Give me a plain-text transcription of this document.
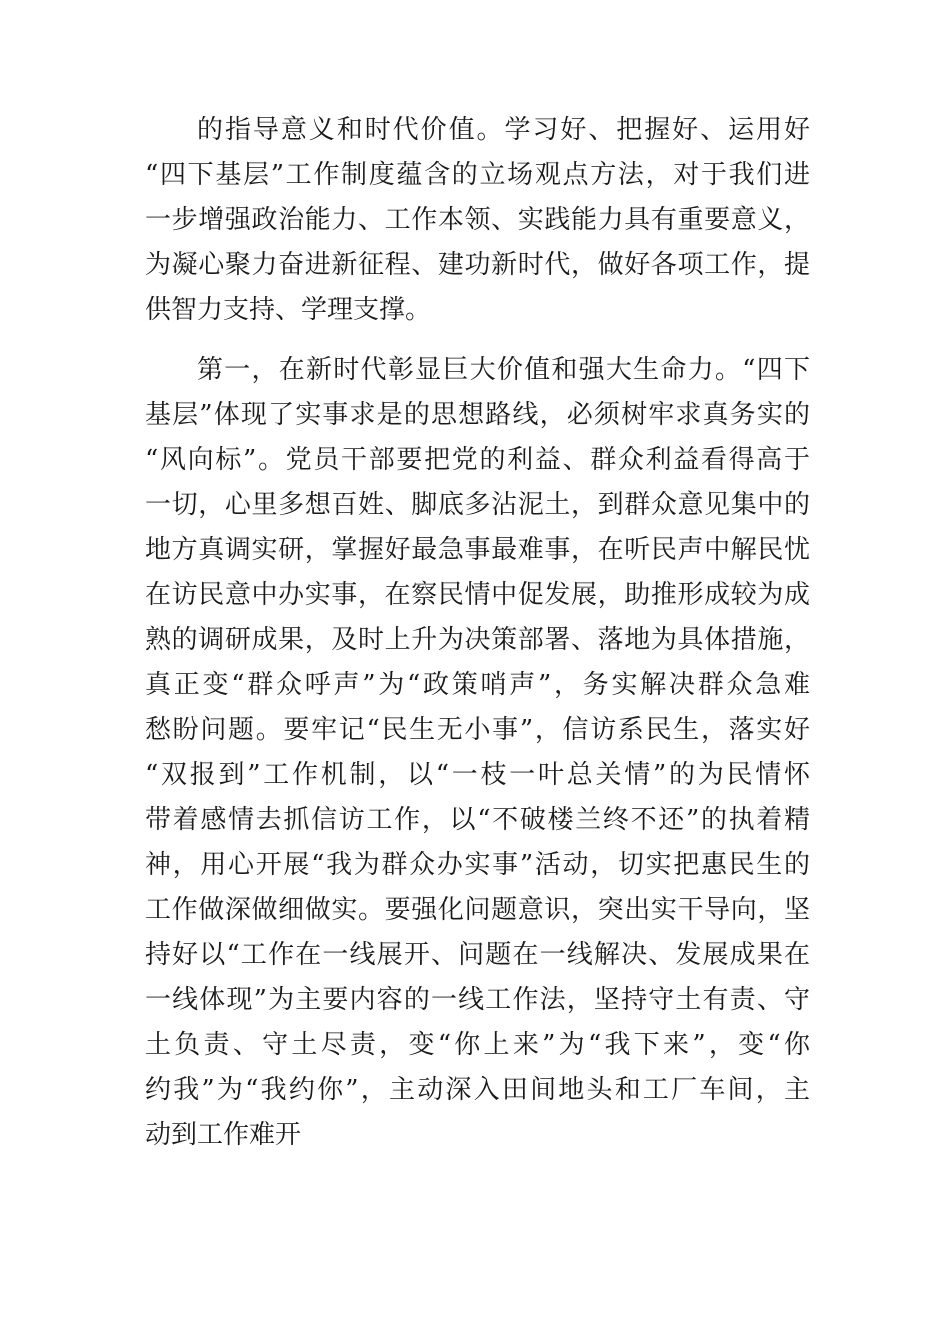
的指导意义和时代价值。学习好、把握好、运用好
“四下基层”工作制度蕴含的立场观点方法，对于我们进
一步增强政治能力、工作本领、实践能力具有重要意义，
为凝心聚力奋进新征程、建功新时代，做好各项工作，提
供智力支持、学理支撑。

第一，在新时代彰显巨大价值和强大生命力。“四下
基层”体现了实事求是的思想路线，必须树牢求真务实的
“风向标”。党员干部要把党的利益、群众利益看得高于
一切，心里多想百姓、脚底多沾泥土，到群众意见集中的
地方真调实研，掌握好最急事最难事，在听民声中解民忧
在访民意中办实事，在察民情中促发展，助推形成较为成
熟的调研成果，及时上升为决策部署、落地为具体措施，
真正变“群众呼声”为“政策哨声”，务实解决群众急难
愁盼问题。要牢记“民生无小事”，信访系民生，落实好
“双报到”工作机制，以“一枝一叶总关情”的为民情怀
带着感情去抓信访工作，以“不破楼兰终不还”的执着精
神，用心开展“我为群众办实事”活动，切实把惠民生的
工作做深做细做实。要强化问题意识，突出实干导向，坚
持好以“工作在一线展开、问题在一线解决、发展成果在
一线体现”为主要内容的一线工作法，坚持守土有责、守
土负责、守土尽责，变“你上来”为“我下来”，变“你
约我”为“我约你”，主动深入田间地头和工厂车间，主
动到工作难开
